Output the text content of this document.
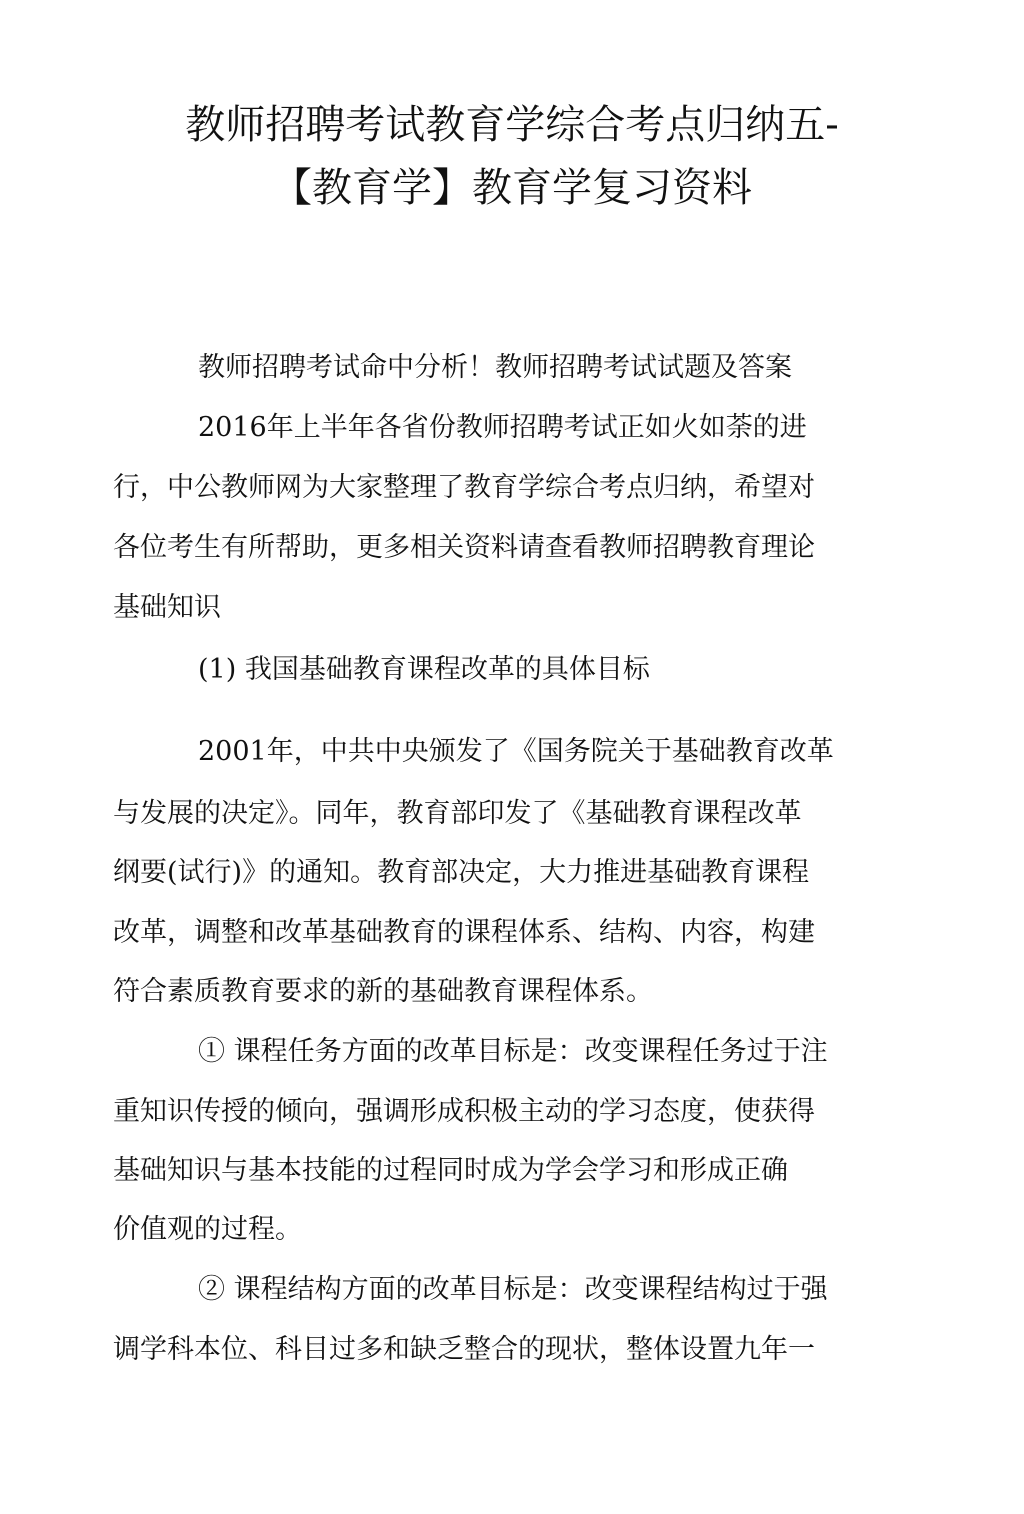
教师招聘考试教育学综合考点归纳五-
【教育学】教育学复习资料

教师招聘考试命中分析！教师招聘考试试题及答案

2016年上半年各省份教师招聘考试正如火如荼的进

行，中公教师网为大家整理了教育学综合考点归纳，希望对

各位考生有所帮助，更多相关资料请查看教师招聘教育理论

基础知识

(1) 我国基础教育课程改革的具体目标

2001年，中共中央颁发了《国务院关于基础教育改革

与发展的决定》。同年，教育部印发了《基础教育课程改革

纲要(试行)》的通知。教育部决定，大力推进基础教育课程

改革，调整和改革基础教育的课程体系、结构、内容，构建

符合素质教育要求的新的基础教育课程体系。

① 课程任务方面的改革目标是：改变课程任务过于注

重知识传授的倾向，强调形成积极主动的学习态度，使获得

基础知识与基本技能的过程同时成为学会学习和形成正确

价值观的过程。

② 课程结构方面的改革目标是：改变课程结构过于强

调学科本位、科目过多和缺乏整合的现状，整体设置九年一
